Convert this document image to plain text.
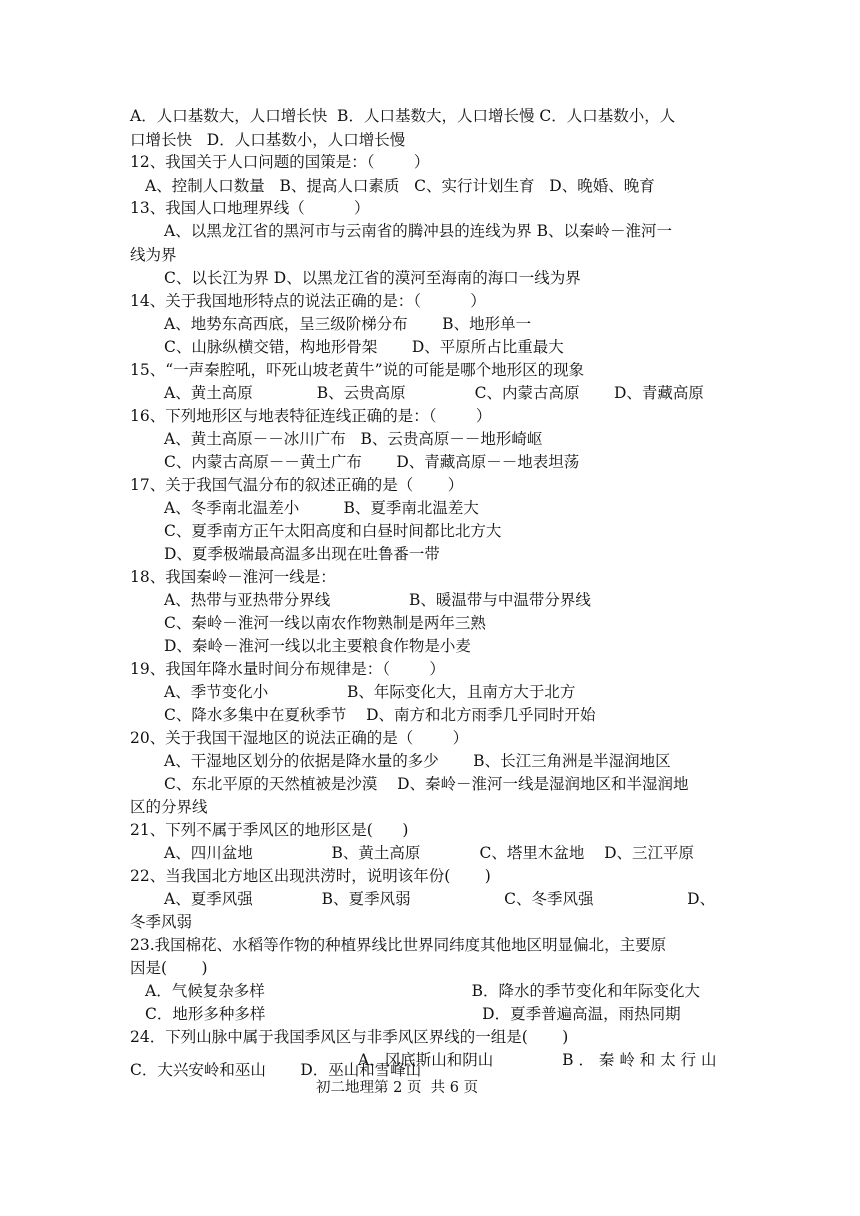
A．人口基数大，人口增长快  B．人口基数大，人口增长慢 C．人口基数小，人
口增长快   D．人口基数小，人口增长慢
12、我国关于人口问题的国策是：（        ）
A、控制人口数量   B、提高人口素质   C、实行计划生育   D、晚婚、晚育
13、我国人口地理界线（          ）
A、以黑龙江省的黑河市与云南省的腾冲县的连线为界 B、以秦岭－淮河一
线为界
C、以长江为界 D、以黑龙江省的漠河至海南的海口一线为界
14、关于我国地形特点的说法正确的是：（          ）
A、地势东高西底，呈三级阶梯分布       B、地形单一
C、山脉纵横交错，构地形骨架       D、平原所占比重最大
15、“一声秦腔吼，吓死山坡老黄牛”说的可能是哪个地形区的现象
A、黄土高原             B、云贵高原              C、内蒙古高原       D、青藏高原
16、下列地形区与地表特征连线正确的是：（        ）
A、黄土高原－－冰川广布   B、云贵高原－－地形崎岖
C、内蒙古高原－－黄土广布       D、青藏高原－－地表坦荡
17、关于我国气温分布的叙述正确的是（       ）
A、冬季南北温差小         B、夏季南北温差大
C、夏季南方正午太阳高度和白昼时间都比北方大
D、夏季极端最高温多出现在吐鲁番一带
18、我国秦岭－淮河一线是：
A、热带与亚热带分界线                B、暖温带与中温带分界线
C、秦岭－淮河一线以南农作物熟制是两年三熟
D、秦岭－淮河一线以北主要粮食作物是小麦
19、我国年降水量时间分布规律是：（        ）
A、季节变化小                B、年际变化大，且南方大于北方
C、降水多集中在夏秋季节    D、南方和北方雨季几乎同时开始
20、关于我国干湿地区的说法正确的是（        ）
A、干湿地区划分的依据是降水量的多少       B、长江三角洲是半湿润地区
C、东北平原的天然植被是沙漠    D、秦岭－淮河一线是湿润地区和半湿润地
区的分界线
21、下列不属于季风区的地形区是(      )
A、四川盆地                B、黄土高原            C、塔里木盆地    D、三江平原
22、当我国北方地区出现洪涝时，说明该年份(       )
A、夏季风强              B、夏季风弱                   C、冬季风强                   D、
冬季风弱
23.我国棉花、水稻等作物的种植界线比世界同纬度其他地区明显偏北，主要原
因是(       )
A．气候复杂多样                                          B．降水的季节变化和年际变化大
C．地形多种多样                                            D．夏季普遍高温，雨热同期
24．下列山脉中属于我国季风区与非季风区界线的一组是(       )
A．冈底斯山和阴山              B ． 秦 岭 和 太 行 山
C．大兴安岭和巫山       D．巫山和雪峰山
初二地理第 2 页  共 6 页
